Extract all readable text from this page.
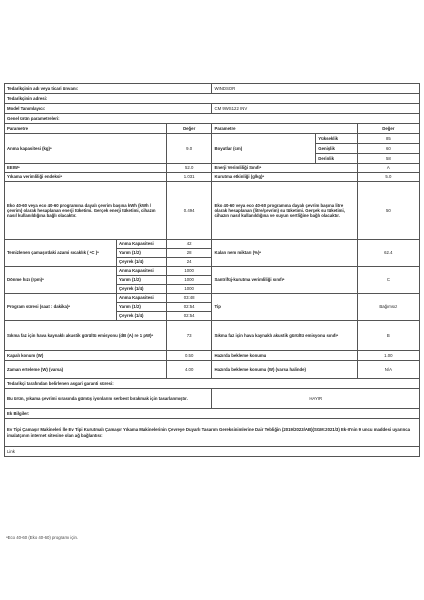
Tedarikçinin adı veya ticari ünvanı:			WINDSOR		
Tedarikçinin adresi:					
Model Tanımlayıcı:			CM 9WS122 INV		
Genel ürün parametreleri:					
Parametre		Değer	Parametre		Değer
Anma kapasitesi (kg)ᵃ		9.0	Boyutlar (cm)	Yükseklik	85
				Genişlik	60
				Derinlik	58
EEIWᵃ		52.0	Enerji Verimliliği Sınıfıᵃ		A
Yıkama verimliliği endeksiᵃ		1.031	Kurutma etkinliği (g/kg)ᵃ		5.0
Eko 40-60 veya eco 40-60 programına dayalı çevrim başına kWh (kWh / çevrim) olarak hesaplanan enerji tüketimi. Gerçek enerji tüketimi, cihazın nasıl kullanıldığına bağlı olacaktır.		0.494	Eko 40-60 veya eco 40-60 programına dayalı çevrim başına litre olarak hesaplanan (litre/çevrim) su tüketimi. Gerçek su tüketimi, cihazın nasıl kullanıldığına ve suyun sertliğine bağlı olacaktır.		50
Temizlenen çamaşırdaki azami sıcaklık ( ᵃC )ᵃ	Anma Kapasitesi	42	Kalan nem miktarı (%)ᵃ		62.4
	Yarım (1/2)	28			
	Çeyrek (1/4)	24			
Dönme hızı (rpm)ᵃ	Anma Kapasitesi	1000	Santrifüj-kurutma verimliliği sınıfıᵃ		C
	Yarım (1/2)	1000			
	Çeyrek (1/4)	1000			
Program süresi (saat : dakika)ᵃ	Anma Kapasitesi	03:48	Tip		Bağımsız
	Yarım (1/2)	02:54			
	Çeyrek (1/4)	02:54			
Sıkma faz için hava kaynaklı akustik gürültü emisyonu (dB (A) re 1 pW)ᵃ		73	Sıkma faz için hava kaynaklı akustik gürültü emisyonu sınıfıᵃ		B
Kapalı konum (W)		0.50	Hazırda bekleme konumu		1.00
Zaman erteleme (W) (varsa)		4.00	Hazırda bekleme konumu (W) (varsa halinde)		N/A
Tedarikçi tarafından belirlenen asgari garanti süresi:					
Bu ürün, yıkama çevrimi sırasında gümüş iyonlarını serbest bırakmak için tasarlanmıştır.			HAYIR		
Ek Bilgiler:					
Ev Tipi Çamaşır Makineleri İle Ev Tipi Kurutmalı Çamaşır Yıkama Makinelerinin Çevreye Duyarlı Tasarım Gereksinimlerine Dair Tebliğin (2019/2023/AB)(SGM:2021/3) Ek-II'nin 9 uncu maddesi uyarınca imalatçının internet sitesine olan ağ bağlantısı:					
Link					
ᵃEco 40-60 (Eko 40-60) programı için.
